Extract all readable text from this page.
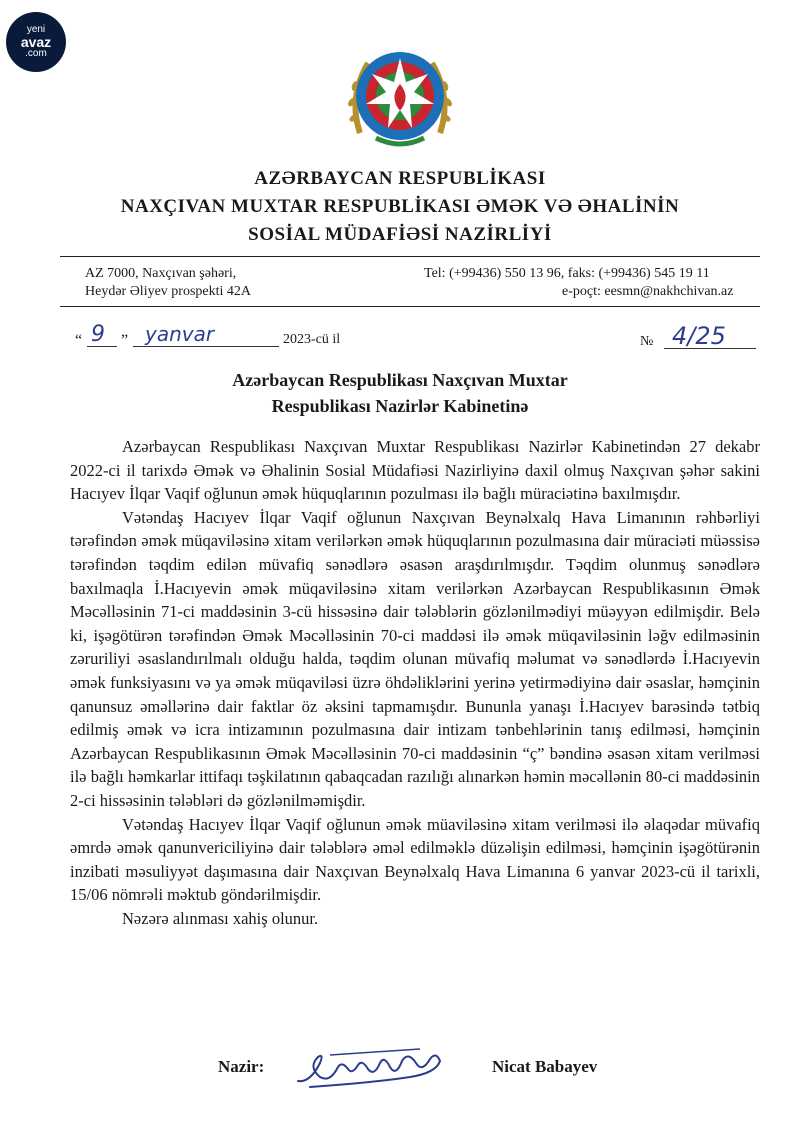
yeni
avaz
.com
AZƏRBAYCAN RESPUBLİKASI
NAXÇIVAN MUXTAR RESPUBLİKASI ƏMƏK VƏ ƏHALİNİN
SOSİAL MÜDAFİƏSİ NAZİRLİYİ
AZ 7000, Naxçıvan şəhəri,
Heydər Əliyev prospekti 42A
Tel: (+99436) 550 13 96, faks: (+99436) 545 19 11
e-poçt: eesmn@nakhchivan.az
“ 9 ” yanvar	2023-cü il	№ 4/25
Azərbaycan Respublikası Naxçıvan Muxtar
Respublikası Nazirlər Kabinetinə

Azərbaycan Respublikası Naxçıvan Muxtar Respublikası Nazirlər Kabinetindən 27 dekabr 2022-ci il tarixdə Əmək və Əhalinin Sosial Müdafiəsi Nazirliyinə daxil olmuş Naxçıvan şəhər sakini Hacıyev İlqar Vaqif oğlunun əmək hüquqlarının pozulması ilə bağlı müraciətinə baxılmışdır.

Vətəndaş Hacıyev İlqar Vaqif oğlunun Naxçıvan Beynəlxalq Hava Limanının rəhbərliyi tərəfindən əmək müqaviləsinə xitam verilərkən əmək hüquqlarının pozulmasına dair müraciəti müəssisə tərəfindən təqdim edilən müvafiq sənədlərə əsasən araşdırılmışdır. Təqdim olunmuş sənədlərə baxılmaqla İ.Hacıyevin əmək müqaviləsinə xitam verilərkən Azərbaycan Respublikasının Əmək Məcəlləsinin 71-ci maddəsinin 3-cü hissəsinə dair tələblərin gözlənilmədiyi müəyyən edilmişdir. Belə ki, işəgötürən tərəfindən Əmək Məcəlləsinin 70-ci maddəsi ilə əmək müqaviləsinin ləğv edilməsinin zəruriliyi əsaslandırılmalı olduğu halda, təqdim olunan müvafiq məlumat və sənədlərdə İ.Hacıyevin əmək funksiyasını və ya əmək müqaviləsi üzrə öhdəliklərini yerinə yetirmədiyinə dair əsaslar, həmçinin qanunsuz əməllərinə dair faktlar öz əksini tapmamışdır. Bununla yanaşı İ.Hacıyev barəsində tətbiq edilmiş əmək və icra intizamının pozulmasına dair intizam tənbehlərinin tanış edilməsi, həmçinin Azərbaycan Respublikasının Əmək Məcəlləsinin 70-ci maddəsinin “ç” bəndinə əsasən xitam verilməsi ilə bağlı həmkarlar ittifaqı təşkilatının qabaqcadan razılığı alınarkən həmin məcəllənin 80-ci maddəsinin 2-ci hissəsinin tələbləri də gözlənilməmişdir.

Vətəndaş Hacıyev İlqar Vaqif oğlunun əmək müaviləsinə xitam verilməsi ilə əlaqədar müvafiq əmrdə əmək qanunvericiliyinə dair tələblərə əməl edilməklə düzəlişin edilməsi, həmçinin işəgötürənin inzibati məsuliyyət daşımasına dair Naxçıvan Beynəlxalq Hava Limanına 6 yanvar 2023-cü il tarixli, 15/06 nömrəli məktub göndərilmişdir.

Nəzərə alınması xahiş olunur.

Nazir:	Nicat Babayev
